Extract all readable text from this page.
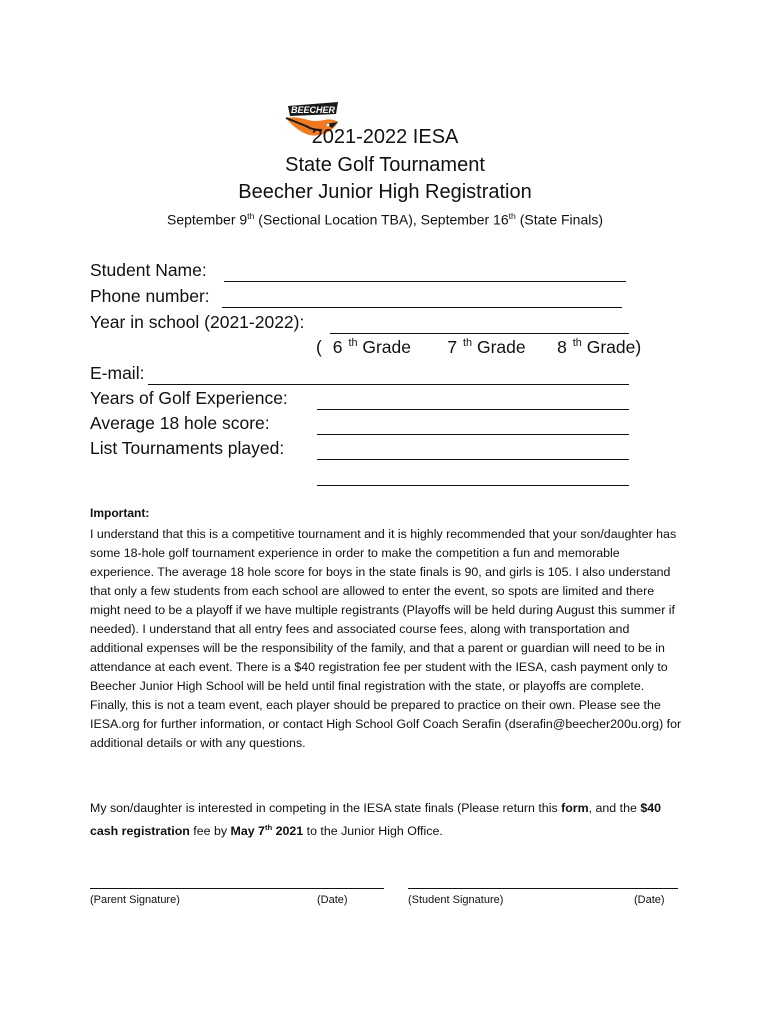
BEECHER
2021-2022 IESA
State Golf Tournament
Beecher Junior High Registration
September 9th (Sectional Location TBA), September 16th (State Finals)
Student Name:
Phone number:
Year in school (2021-2022):
( 6 $^{th}$ Grade 7 $^{th}$ Grade 8 $^{th}$ Grade)
E-mail:
Years of Golf Experience:
Average 18 hole score:
List Tournaments played:
Important:
I understand that this is a competitive tournament and it is highly recommended that your son/daughter has some 18-hole golf tournament experience in order to make the competition a fun and memorable experience. The average 18 hole score for boys in the state finals is 90, and girls is 105. I also understand that only a few students from each school are allowed to enter the event, so spots are limited and there might need to be a playoff if we have multiple registrants (Playoffs will be held during August this summer if needed). I understand that all entry fees and associated course fees, along with transportation and additional expenses will be the responsibility of the family, and that a parent or guardian will need to be in attendance at each event. There is a $40 registration fee per student with the IESA, cash payment only to Beecher Junior High School will be held until final registration with the state, or playoffs are complete. Finally, this is not a team event, each player should be prepared to practice on their own. Please see the IESA.org for further information, or contact High School Golf Coach Serafin (dserafin@beecher200u.org) for additional details or with any questions.
My son/daughter is interested in competing in the IESA state finals (Please return this form, and the $40 cash registration fee by May 7th 2021 to the Junior High Office.
(Parent Signature)	(Date)	(Student Signature)	(Date)
